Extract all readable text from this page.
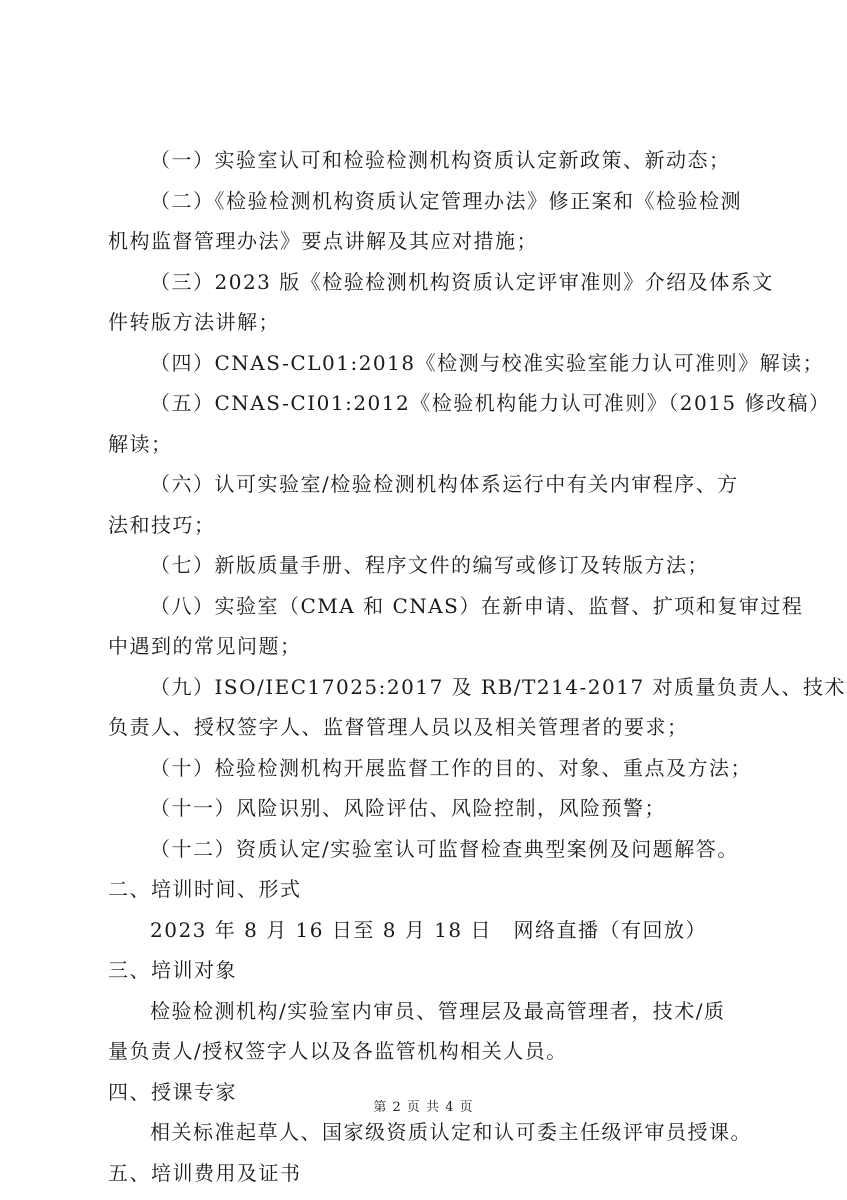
（一）实验室认可和检验检测机构资质认定新政策、新动态；
（二）《检验检测机构资质认定管理办法》修正案和《检验检测
机构监督管理办法》要点讲解及其应对措施；
（三）2023 版《检验检测机构资质认定评审准则》介绍及体系文
件转版方法讲解；
（四）CNAS-CL01:2018《检测与校准实验室能力认可准则》解读；
（五）CNAS-CI01:2012《检验机构能力认可准则》（2015 修改稿）
解读；
（六）认可实验室/检验检测机构体系运行中有关内审程序、方
法和技巧；
（七）新版质量手册、程序文件的编写或修订及转版方法；
（八）实验室（CMA 和 CNAS）在新申请、监督、扩项和复审过程
中遇到的常见问题；
（九）ISO/IEC17025:2017 及 RB/T214-2017 对质量负责人、技术
负责人、授权签字人、监督管理人员以及相关管理者的要求；
（十）检验检测机构开展监督工作的目的、对象、重点及方法；
（十一）风险识别、风险评估、风险控制，风险预警；
（十二）资质认定/实验室认可监督检查典型案例及问题解答。
二、培训时间、形式
2023 年 8 月 16 日至 8 月 18 日　网络直播（有回放）
三、培训对象
检验检测机构/实验室内审员、管理层及最高管理者，技术/质
量负责人/授权签字人以及各监管机构相关人员。
四、授课专家
相关标准起草人、国家级资质认定和认可委主任级评审员授课。
五、培训费用及证书
第 2 页 共 4 页
